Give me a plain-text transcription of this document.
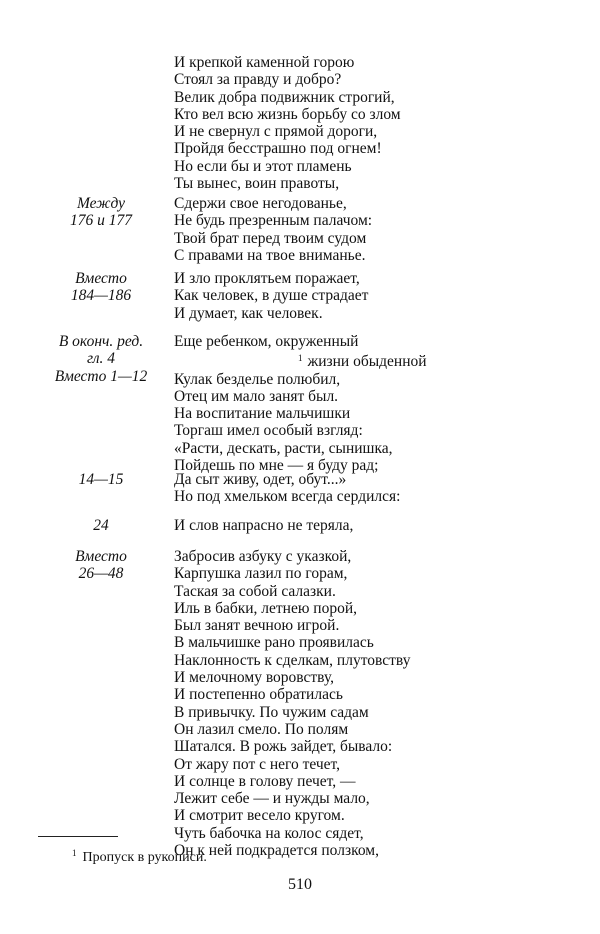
И крепкой каменной горою
Стоял за правду и добро?
Велик добра подвижник строгий,
Кто вел всю жизнь борьбу со злом
И не свернул с прямой дороги,
Пройдя бесстрашно под огнем!
Но если бы и этот пламень
Ты вынес, воин правоты,
Между
176 и 177
Сдержи свое негодованье,
Не будь презренным палачом:
Твой брат перед твоим судом
С правами на твое вниманье.
Вместо
184—186
И зло проклятьем поражает,
Как человек, в душе страдает
И думает, как человек.
В оконч. ред.
гл. 4
Вместо 1—12
Еще ребенком, окруженный
$^1$ жизни обыденной
Кулак безделье полюбил,
Отец им мало занят был.
На воспитание мальчишки
Торгаш имел особый взгляд:
«Расти, дескать, расти, сынишка,
Пойдешь по мне — я буду рад;
14—15	Да сыт живу, одет, обут...»
Но под хмельком всегда сердился:
24	И слов напрасно не теряла,
Вместо
26—48
Забросив азбуку с указкой,
Карпушка лазил по горам,
Таская за собой салазки.
Иль в бабки, летнею порой,
Был занят вечною игрой.
В мальчишке рано проявилась
Наклонность к сделкам, плутовству
И мелочному воровству,
И постепенно обратилась
В привычку. По чужим садам
Он лазил смело. По полям
Шатался. В рожь зайдет, бывало:
От жару пот с него течет,
И солнце в голову печет, —
Лежит себе — и нужды мало,
И смотрит весело кругом.
Чуть бабочка на колос сядет,
Он к ней подкрадется ползком,
$^1$ Пропуск в рукописи.
510
